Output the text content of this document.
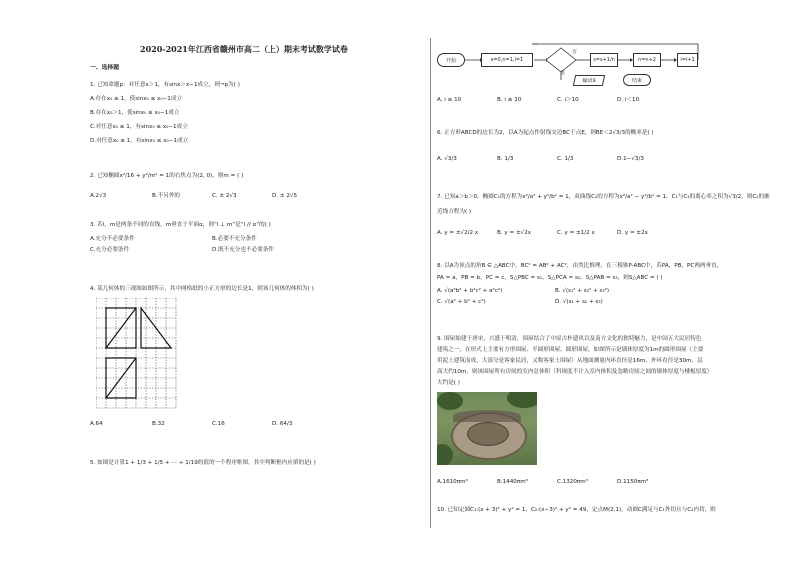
2020-2021年江西省赣州市高二（上）期末考试数学试卷
一、选择题
1. 已知命题p：对任意x＞1，有sinx＞x−1成立，则¬p为( )
A.存在x₀ ≤ 1，使sinx₀ ≤ x₀−1成立
B.存在x₀＞1，使sinx₀ ≤ x₀−1成立
C.对任意x₀ ≤ 1，有sinx₀ ≤ x₀−1成立
D.对任意x₀ ≤ 1，有sinx₀ ≤ x₀−1成立
2. 已知椭圆x²/16 + y²/m² = 1的右焦点为(2, 0)，则m = ( )
A.2√3	B.不另外的	C. ± 2√3	D. ± 2√5
3. 若l，m是两条不同的直线，m垂直于平面α，则“l ⊥ m”是“l // α”的( )
A.充分不必要条件	B.必要不充分条件
C.充分必要条件	D.既不充分也不必要条件
4. 某几何体的三视图如图所示，其中网格纸的小正方形的边长是1，则该几何体的体积为( )
A.64	B.32	C.16	D. 64/3
5. 如图是计算1 + 1/3 + 1/5 + ⋯ + 1/19的值的一个程序框图，其中判断框内应填的是( )
开始	s=0,n=1,i=1
否
s=s+1/n	n=n+2	i=i+1
是
输出S	结束
A. i ≤ 10	B. i ≤ 10	C. i＞10	D. i＜10
6. 正方形ABCD的边长为2，以A为起点作射线交边BC于点E，则BE＜2√3/3的概率是( )
A. √3/3	B. 1/3	C. 1/3	D.1−√3/3
7. 已知a＞b＞0，椭圆C₁的方程为x²/a² + y²/b² = 1，双曲线C₂的方程为x²/a² − y²/b² = 1，C₁与C₂的离心率之积为√3/2，则C₂的渐
近线方程为( )
A. y = ±√2/2 x	B. y = ±√2x	C. y = ±1/2 x	D. y = ±2x
8. 以A为顶点的角B ∈ △ABC中，BC² = AB² + AC²，由类比推理，在三棱锥P-ABC中，若PA，PB，PC两两垂直，
PA = a，PB = b，PC = c，S△PBC = s₁，S△PCA = s₂，S△PAB = s₃，则S△ABC = ( )
A. √(a²b² + b²c² + a²c²)	B. √(s₁² + s₂² + s₃²)
C. √(a² + b² + c²)	D. √(s₁ + s₂ + s₃)
9. 围屋始建于唐宋，兴盛于明清，围屋结合了中原古朴遗风以及南方文化的独特魅力，是中国五大民居特色
建筑之一，在形式上主要有方形围屋、半圆形围屋、圆形围屋，如图所示是墙体厚度为1m的圆形围屋（主要
用泥土建筑而成，大部分是客家民居，又称客家土围屋）从地面测量内环直径是16m，外环直径是30m，层
高大约10m，则该围屋所有房间的室内总体积（科规度不计入室内体积及忽略房间之间的墙体厚度与楼板厚度）
大约是( )
A.1610πm³	B.1440πm³	C.1320πm³	D.1150πm³
10. 已知定圆C₁:(x + 3)² + y² = 1，C₂:(x−3)² + y² = 49，定点M(2,1)，动圆C满足与C₁外切且与C₂内切，则
